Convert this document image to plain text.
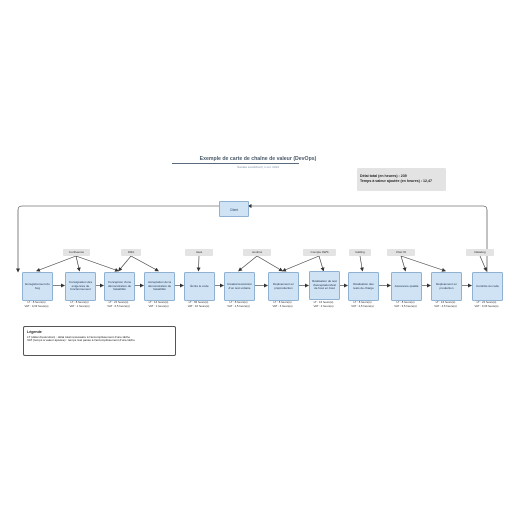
Exemple de carte de chaîne de valeur (DevOps)
Société Lucidchart | 1 oct. 2013
Délai total (en heures) : 239
Temps à valeur ajoutée (en heures) : 12,47
Client
Confluence	JIRA	Java	Jenkins	Compte AWS	Gatling	Chef.IO	Datadog
Enregistrement du bug
LT : 8 heure(s)
VAT : 0,33 heure(s)
Consignation des exigences de fonctionnement
LT : 8 heure(s)
VAT : 1 heure(s)
Conception d'une démonstration de faisabilité
LT : 24 heure(s)
VAT : 0,5 heure(s)
Acceptation de la démonstration de faisabilité
LT : 16 heure(s)
VAT : 1 heure(s)
Écrire le code
LT : 96 heure(s)
VAT : 16 heure(s)
Création/exécution d'un test unitaire
LT : 8 heure(s)
VAT : 1,5 heure(s)
Déploiement en préproduction
LT : 8 heure(s)
VAT : 4 heure(s)
Réalisation de test d'acceptation/test de bout en bout
LT : 16 heure(s)
VAT : 4 heure(s)
Réalisation des tests de charge
LT : 8 heure(s)
VAT : 2,5 heure(s)
Assurance qualité
LT : 8 heure(s)
VAT : 3,5 heure(s)
Déploiement en production
LT : 16 heure(s)
VAT : 4,5 heure(s)
Contrôle du code
LT : 24 heure(s)
VAT : 0,33 heure(s)
Légende
LT (délai d'exécution) : délai total nécessaire à l'accomplissement d'une tâche
VAT (temps à valeur ajoutée) : temps réel passé à l'accomplissement d'une tâche
